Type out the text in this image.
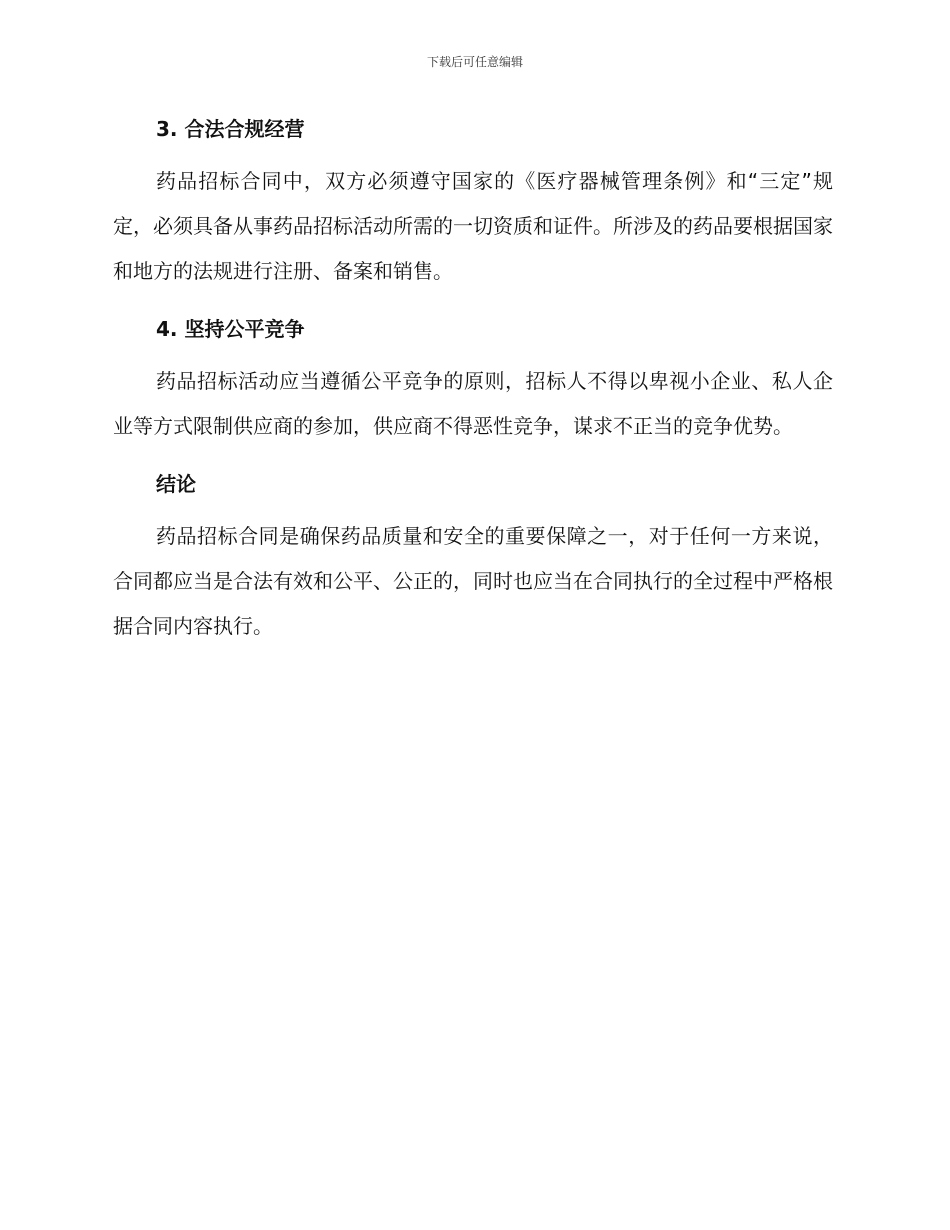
下载后可任意编辑
3. 合法合规经营

药品招标合同中，双方必须遵守国家的《医疗器械管理条例》和“三定”规定，必须具备从事药品招标活动所需的一切资质和证件。所涉及的药品要根据国家和地方的法规进行注册、备案和销售。

4. 坚持公平竞争

药品招标活动应当遵循公平竞争的原则，招标人不得以卑视小企业、私人企业等方式限制供应商的参加，供应商不得恶性竞争，谋求不正当的竞争优势。

结论

药品招标合同是确保药品质量和安全的重要保障之一，对于任何一方来说，合同都应当是合法有效和公平、公正的，同时也应当在合同执行的全过程中严格根据合同内容执行。
